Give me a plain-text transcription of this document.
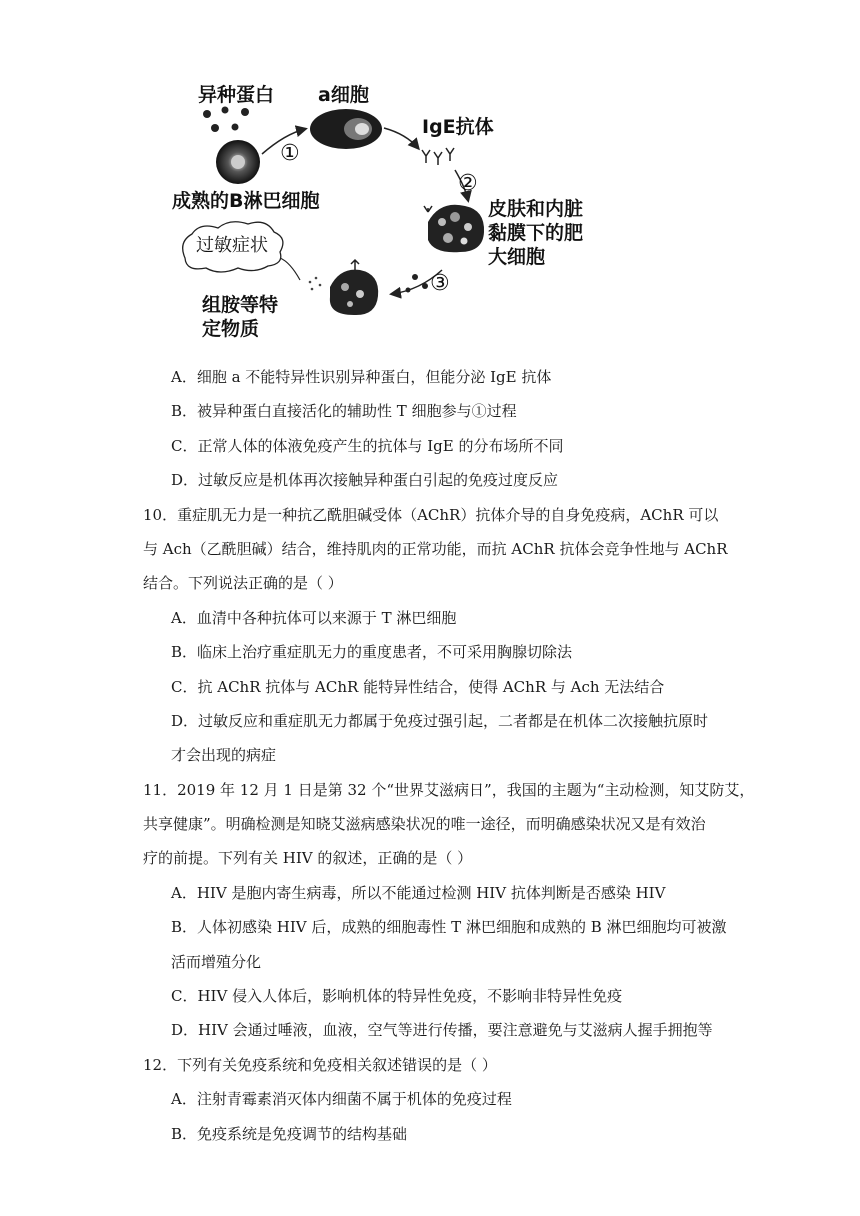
异种蛋白 a细胞
IgE抗体
①
成熟的B淋巴细胞
②
皮肤和内脏
黏膜下的肥
大细胞
过敏症状
③
组胺等特
定物质
A．细胞 a 不能特异性识别异种蛋白，但能分泌 IgE 抗体
B．被异种蛋白直接活化的辅助性 T 细胞参与①过程
C．正常人体的体液免疫产生的抗体与 IgE 的分布场所不同
D．过敏反应是机体再次接触异种蛋白引起的免疫过度反应
10．重症肌无力是一种抗乙酰胆碱受体（AChR）抗体介导的自身免疫病，AChR 可以
与 Ach（乙酰胆碱）结合，维持肌肉的正常功能，而抗 AChR 抗体会竞争性地与 AChR
结合。下列说法正确的是（ ）
A．血清中各种抗体可以来源于 T 淋巴细胞
B．临床上治疗重症肌无力的重度患者，不可采用胸腺切除法
C．抗 AChR 抗体与 AChR 能特异性结合，使得 AChR 与 Ach 无法结合
D．过敏反应和重症肌无力都属于免疫过强引起，二者都是在机体二次接触抗原时
才会出现的病症
11．2019 年 12 月 1 日是第 32 个“世界艾滋病日”，我国的主题为“主动检测，知艾防艾，
共享健康”。明确检测是知晓艾滋病感染状况的唯一途径，而明确感染状况又是有效治
疗的前提。下列有关 HIV 的叙述，正确的是（ ）
A．HIV 是胞内寄生病毒，所以不能通过检测 HIV 抗体判断是否感染 HIV
B．人体初感染 HIV 后，成熟的细胞毒性 T 淋巴细胞和成熟的 B 淋巴细胞均可被激
活而增殖分化
C．HIV 侵入人体后，影响机体的特异性免疫，不影响非特异性免疫
D．HIV 会通过唾液，血液，空气等进行传播，要注意避免与艾滋病人握手拥抱等
12．下列有关免疫系统和免疫相关叙述错误的是（ ）
A．注射青霉素消灭体内细菌不属于机体的免疫过程
B．免疫系统是免疫调节的结构基础
